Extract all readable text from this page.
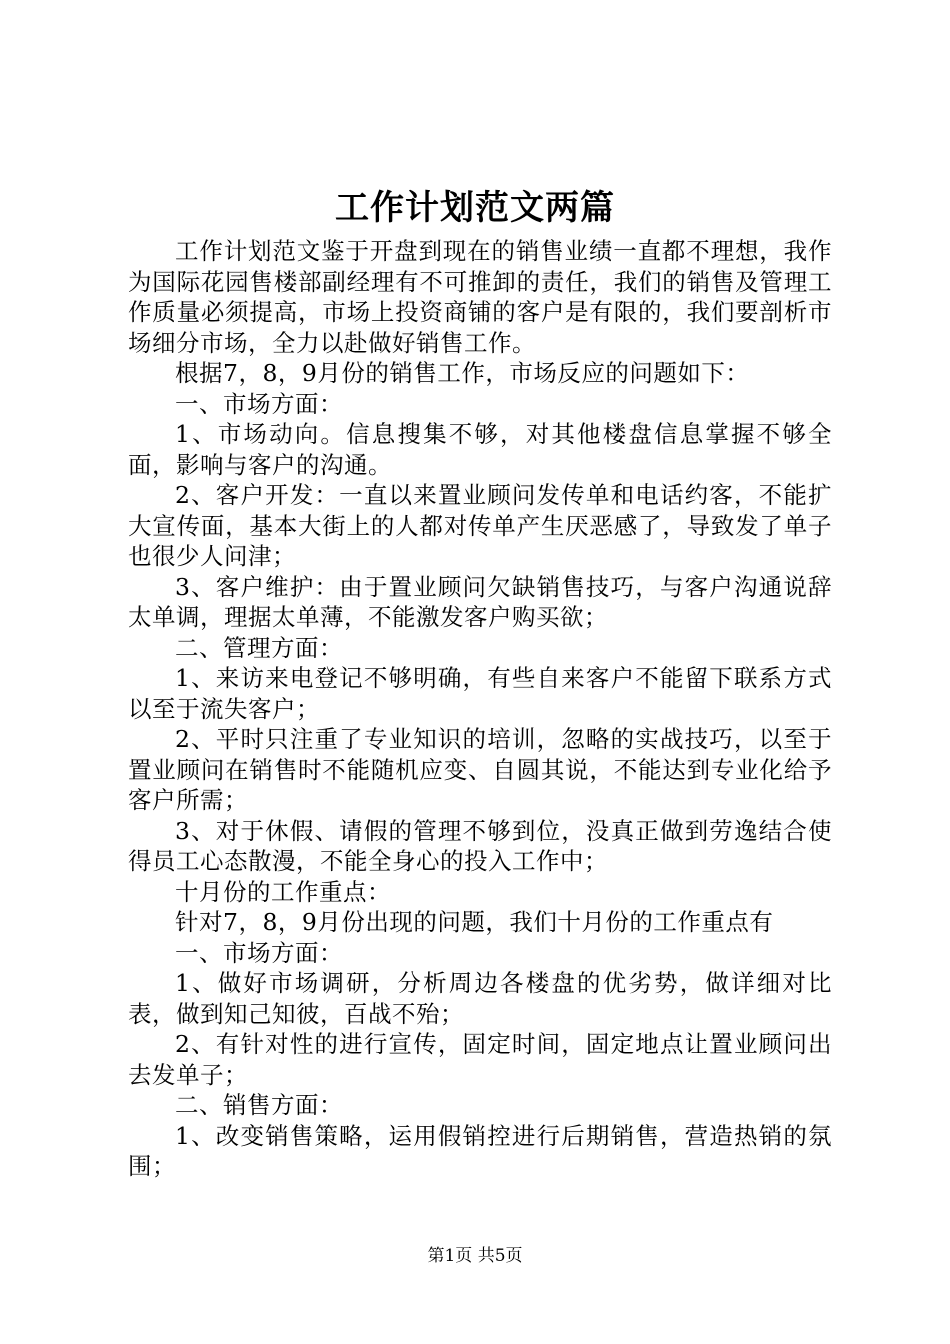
工作计划范文两篇

工作计划范文鉴于开盘到现在的销售业绩一直都不理想，我作为国际花园售楼部副经理有不可推卸的责任，我们的销售及管理工作质量必须提高，市场上投资商铺的客户是有限的，我们要剖析市场细分市场，全力以赴做好销售工作。

根据7，8，9月份的销售工作，市场反应的问题如下：

一、市场方面：

1、市场动向。信息搜集不够，对其他楼盘信息掌握不够全面，影响与客户的沟通。

2、客户开发：一直以来置业顾问发传单和电话约客，不能扩大宣传面，基本大街上的人都对传单产生厌恶感了，导致发了单子也很少人问津；

3、客户维护：由于置业顾问欠缺销售技巧，与客户沟通说辞太单调，理据太单薄，不能激发客户购买欲；

二、管理方面：

1、来访来电登记不够明确，有些自来客户不能留下联系方式以至于流失客户；

2、平时只注重了专业知识的培训，忽略的实战技巧，以至于置业顾问在销售时不能随机应变、自圆其说，不能达到专业化给予客户所需；

3、对于休假、请假的管理不够到位，没真正做到劳逸结合使得员工心态散漫，不能全身心的投入工作中；

十月份的工作重点：

针对7，8，9月份出现的问题，我们十月份的工作重点有

一、市场方面：

1、做好市场调研，分析周边各楼盘的优劣势，做详细对比表，做到知己知彼，百战不殆；

2、有针对性的进行宣传，固定时间，固定地点让置业顾问出去发单子；

二、销售方面：

1、改变销售策略，运用假销控进行后期销售，营造热销的氛围；

第1页 共5页
